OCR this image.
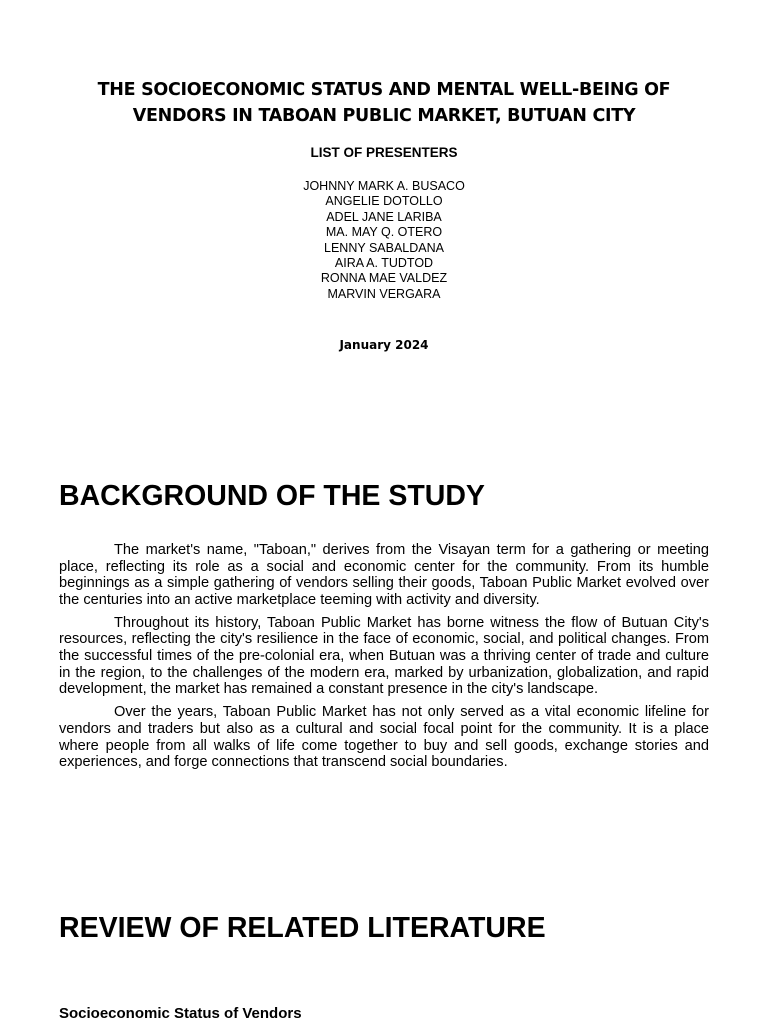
THE SOCIOECONOMIC STATUS AND MENTAL WELL-BEING OF
VENDORS IN TABOAN PUBLIC MARKET, BUTUAN CITY
LIST OF PRESENTERS
JOHNNY MARK A. BUSACO
ANGELIE DOTOLLO
ADEL JANE LARIBA
MA. MAY Q. OTERO
LENNY SABALDANA
AIRA A. TUDTOD
RONNA MAE VALDEZ
MARVIN VERGARA
January 2024
BACKGROUND OF THE STUDY

The market's name, "Taboan," derives from the Visayan term for a gathering or meeting place, reflecting its role as a social and economic center for the community. From its humble beginnings as a simple gathering of vendors selling their goods, Taboan Public Market evolved over the centuries into an active marketplace teeming with activity and diversity.

Throughout its history, Taboan Public Market has borne witness the flow of Butuan City's resources, reflecting the city's resilience in the face of economic, social, and political changes. From the successful times of the pre-colonial era, when Butuan was a thriving center of trade and culture in the region, to the challenges of the modern era, marked by urbanization, globalization, and rapid development, the market has remained a constant presence in the city's landscape.

Over the years, Taboan Public Market has not only served as a vital economic lifeline for vendors and traders but also as a cultural and social focal point for the community. It is a place where people from all walks of life come together to buy and sell goods, exchange stories and experiences, and forge connections that transcend social boundaries.

REVIEW OF RELATED LITERATURE
Socioeconomic Status of Vendors
